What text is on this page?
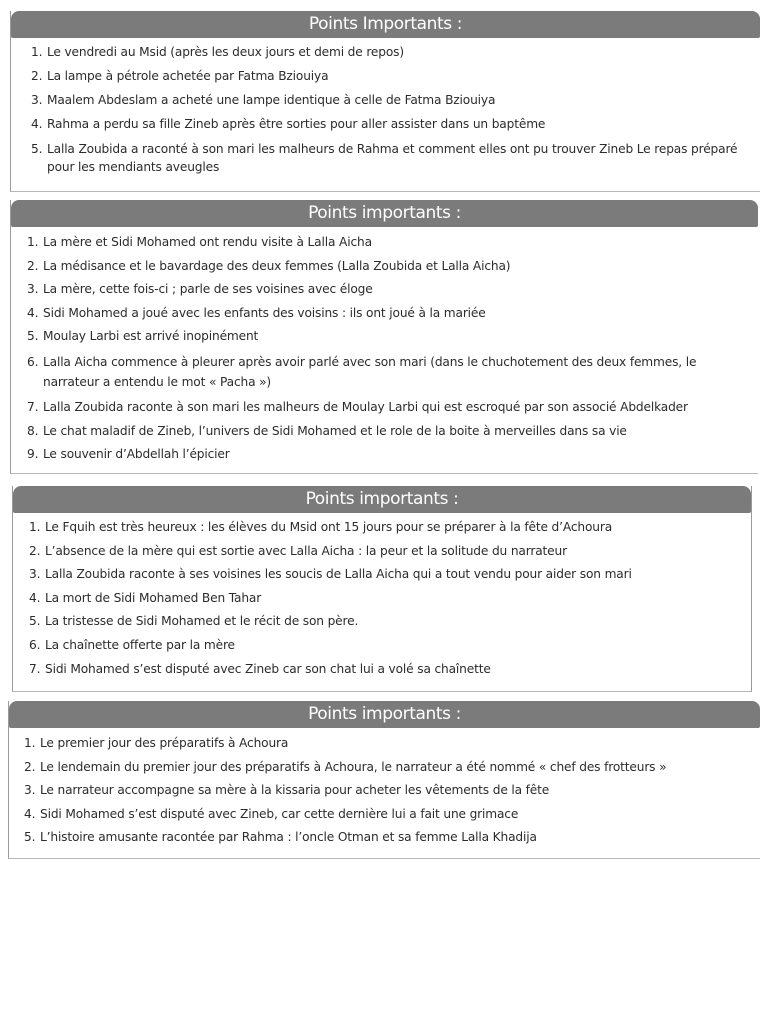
Points Importants :
1. Le vendredi au Msid (après les deux jours et demi de repos)
2. La lampe à pétrole achetée par Fatma Bziouiya
3. Maalem Abdeslam a acheté une lampe identique à celle de Fatma Bziouiya
4. Rahma a perdu sa fille Zineb après être sorties pour aller assister dans un baptême
5. Lalla Zoubida a raconté à son mari les malheurs de Rahma et comment elles ont pu trouver Zineb Le repas préparé pour les mendiants aveugles
Points importants :
1. La mère et Sidi Mohamed ont rendu visite à Lalla Aicha
2. La médisance et le bavardage des deux femmes (Lalla Zoubida et Lalla Aicha)
3. La mère, cette fois-ci ; parle de ses voisines avec éloge
4. Sidi Mohamed a joué avec les enfants des voisins : ils ont joué à la mariée
5. Moulay Larbi est arrivé inopinément
6. Lalla Aicha commence à pleurer après avoir parlé avec son mari (dans le chuchotement des deux femmes, le narrateur a entendu le mot « Pacha »)
7. Lalla Zoubida raconte à son mari les malheurs de Moulay Larbi qui est escroqué par son associé Abdelkader
8. Le chat maladif de Zineb, l’univers de Sidi Mohamed et le role de la boite à merveilles dans sa vie
9. Le souvenir d’Abdellah l’épicier
Points importants :
1. Le Fquih est très heureux : les élèves du Msid ont 15 jours pour se préparer à la fête d’Achoura
2. L’absence de la mère qui est sortie avec Lalla Aicha : la peur et la solitude du narrateur
3. Lalla Zoubida raconte à ses voisines les soucis de Lalla Aicha qui a tout vendu pour aider son mari
4. La mort de Sidi Mohamed Ben Tahar
5. La tristesse de Sidi Mohamed et le récit de son père.
6. La chaînette offerte par la mère
7. Sidi Mohamed s’est disputé avec Zineb car son chat lui a volé sa chaînette
Points importants :
1. Le premier jour des préparatifs à Achoura
2. Le lendemain du premier jour des préparatifs à Achoura, le narrateur a été nommé « chef des frotteurs »
3. Le narrateur accompagne sa mère à la kissaria pour acheter les vêtements de la fête
4. Sidi Mohamed s’est disputé avec Zineb, car cette dernière lui a fait une grimace
5. L’histoire amusante racontée par Rahma : l’oncle Otman et sa femme Lalla Khadija
